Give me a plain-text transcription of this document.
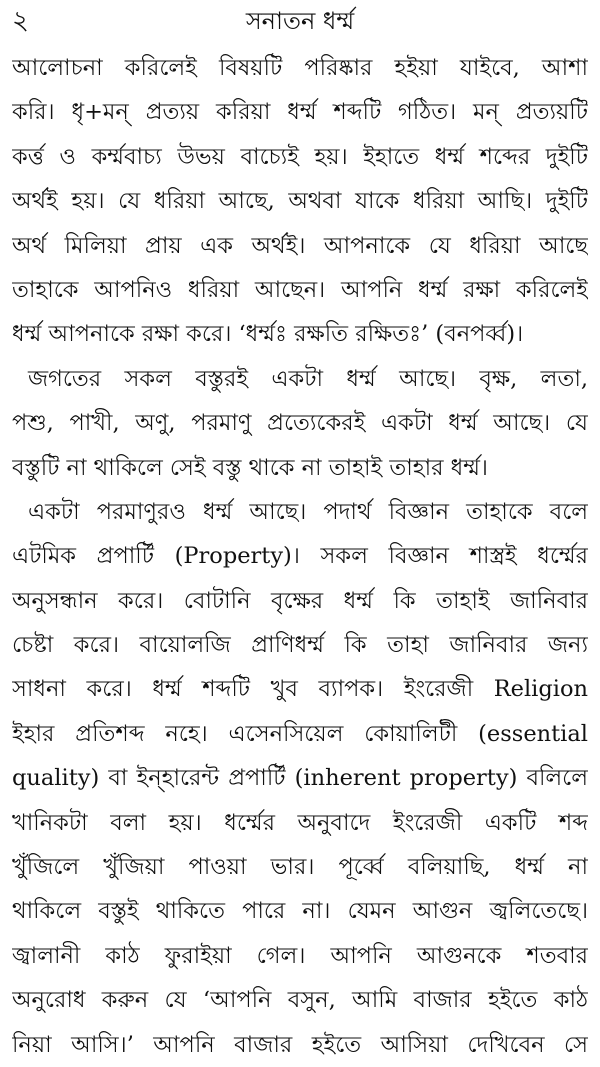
২	সনাতন ধর্ম্ম
আলোচনা করিলেই বিষয়টি পরিষ্কার হইয়া যাইবে, আশা
করি। ধৃ+মন্ প্রত্যয় করিয়া ধর্ম্ম শব্দটি গঠিত। মন্ প্রত্যয়টি
কর্ত্ত ও কর্ম্মবাচ্য উভয় বাচ্যেই হয়। ইহাতে ধর্ম্ম শব্দের দুইটি
অর্থই হয়। যে ধরিয়া আছে, অথবা যাকে ধরিয়া আছি। দুইটি
অর্থ মিলিয়া প্রায় এক অর্থই। আপনাকে যে ধরিয়া আছে
তাহাকে আপনিও ধরিয়া আছেন। আপনি ধর্ম্ম রক্ষা করিলেই
ধর্ম্ম আপনাকে রক্ষা করে। ‘ধর্ম্মঃ রক্ষতি রক্ষিতঃ’ (বনপর্ব্ব)।
জগতের সকল বস্তুরই একটা ধর্ম্ম আছে। বৃক্ষ, লতা,
পশু, পাখী, অণু, পরমাণু প্রত্যেকেরই একটা ধর্ম্ম আছে। যে
বস্তুটি না থাকিলে সেই বস্তু থাকে না তাহাই তাহার ধর্ম্ম।
একটা পরমাণুরও ধর্ম্ম আছে। পদার্থ বিজ্ঞান তাহাকে বলে
এটমিক প্রপার্টি (Property)। সকল বিজ্ঞান শাস্ত্রই ধর্ম্মের
অনুসন্ধান করে। বোটানি বৃক্ষের ধর্ম্ম কি তাহাই জানিবার
চেষ্টা করে। বায়োলজি প্রাণিধর্ম্ম কি তাহা জানিবার জন্য
সাধনা করে। ধর্ম্ম শব্দটি খুব ব্যাপক। ইংরেজী Religion
ইহার প্রতিশব্দ নহে। এসেনসিয়েল কোয়ালিটী (essential
quality) বা ইন্হারেন্ট প্রপার্টি (inherent property) বলিলে
খানিকটা বলা হয়। ধর্ম্মের অনুবাদে ইংরেজী একটি শব্দ
খুঁজিলে খুঁজিয়া পাওয়া ভার। পূর্ব্বে বলিয়াছি, ধর্ম্ম না
থাকিলে বস্তুই থাকিতে পারে না। যেমন আগুন জ্বলিতেছে।
জ্বালানী কাঠ ফুরাইয়া গেল। আপনি আগুনকে শতবার
অনুরোধ করুন যে ‘আপনি বসুন, আমি বাজার হইতে কাঠ
নিয়া আসি।’ আপনি বাজার হইতে আসিয়া দেখিবেন সে
